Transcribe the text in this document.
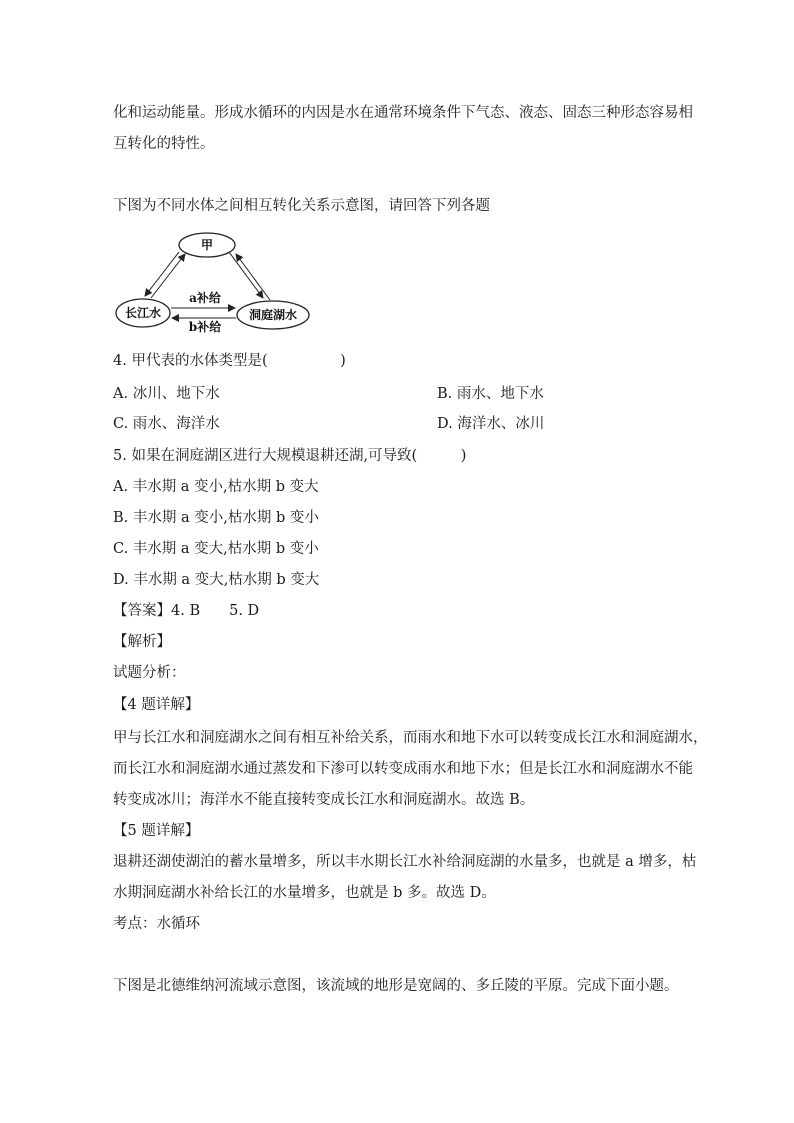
化和运动能量。形成水循环的内因是水在通常环境条件下气态、液态、固态三种形态容易相
互转化的特性。
下图为不同水体之间相互转化关系示意图，请回答下列各题
甲
长江水	洞庭湖水
a补给
b补给
4. 甲代表的水体类型是(　　　　　)
A. 冰川、地下水	B. 雨水、地下水
C. 雨水、海洋水	D. 海洋水、冰川
5. 如果在洞庭湖区进行大规模退耕还湖,可导致(　　　)
A. 丰水期 a 变小,枯水期 b 变大
B. 丰水期 a 变小,枯水期 b 变小
C. 丰水期 a 变大,枯水期 b 变小
D. 丰水期 a 变大,枯水期 b 变大
【答案】4. B　　5. D
【解析】
试题分析：
【4 题详解】
甲与长江水和洞庭湖水之间有相互补给关系，而雨水和地下水可以转变成长江水和洞庭湖水，
而长江水和洞庭湖水通过蒸发和下渗可以转变成雨水和地下水；但是长江水和洞庭湖水不能
转变成冰川；海洋水不能直接转变成长江水和洞庭湖水。故选 B。
【5 题详解】
退耕还湖使湖泊的蓄水量增多，所以丰水期长江水补给洞庭湖的水量多，也就是 a 增多，枯
水期洞庭湖水补给长江的水量增多，也就是 b 多。故选 D。
考点：水循环
下图是北德维纳河流域示意图，该流域的地形是宽阔的、多丘陵的平原。完成下面小题。
